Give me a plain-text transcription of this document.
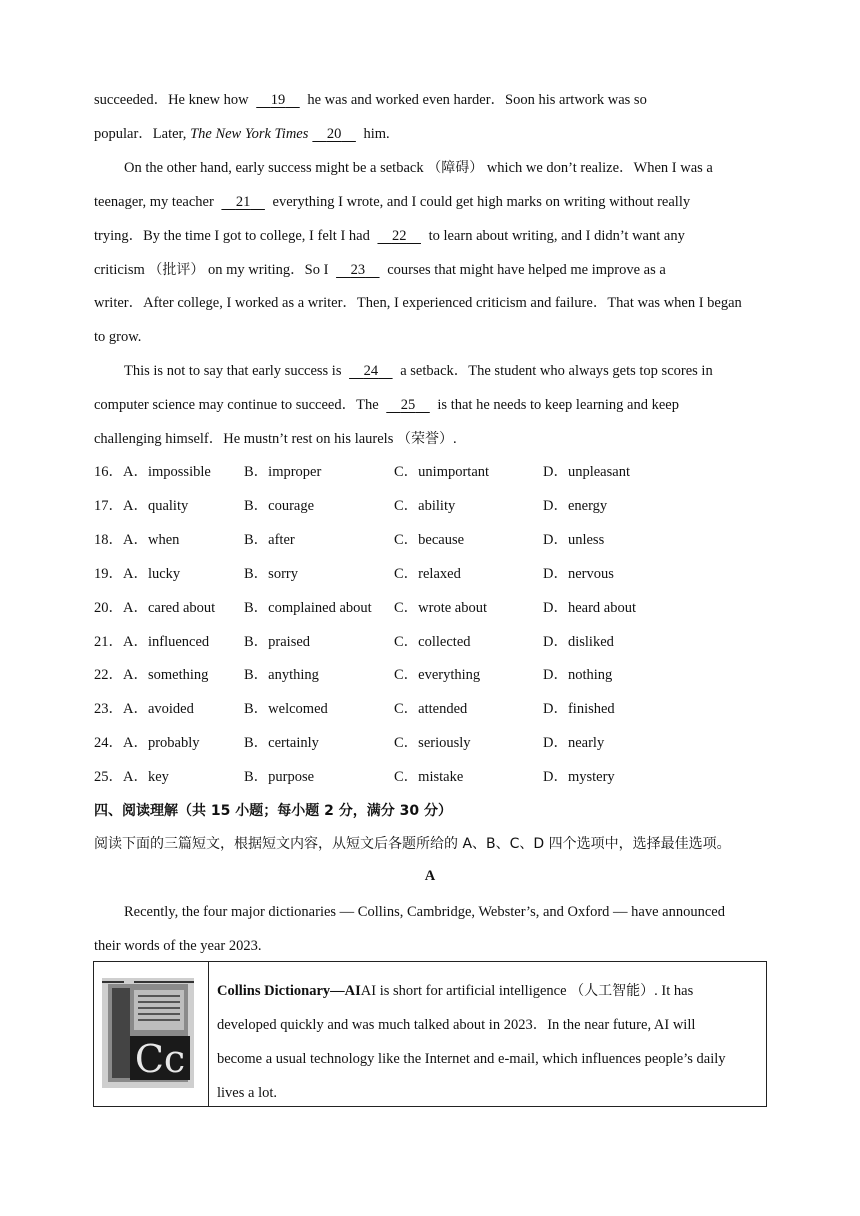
succeeded．He knew how 19 he was and worked even harder．Soon his artwork was so
popular．Later, The New York Times 20 him.
On the other hand, early success might be a setback （障碍） which we don’t realize．When I was a
teenager, my teacher 21 everything I wrote, and I could get high marks on writing without really
trying．By the time I got to college, I felt I had 22 to learn about writing, and I didn’t want any
criticism （批评） on my writing．So I 23 courses that might have helped me improve as a
writer．After college, I worked as a writer．Then, I experienced criticism and failure．That was when I began
to grow.
This is not to say that early success is 24 a setback．The student who always gets top scores in
computer science may continue to succeed．The 25 is that he needs to keep learning and keep
challenging himself．He mustn’t rest on his laurels （荣誉）.
16．A．impossible B．improper	C．unimportant	D．unpleasant
17．A．quality	B．courage	C．ability	D．energy
18．A．when	B．after	C．because	D．unless
19．A．lucky	B．sorry	C．relaxed	D．nervous
20．A．cared about B．complained about C．wrote about	D．heard about
21．A．influenced B．praised	C．collected	D．disliked
22．A．something B．anything	C．everything	D．nothing
23．A．avoided	B．welcomed	C．attended	D．finished
24．A．probably	B．certainly	C．seriously	D．nearly
25．A．key	B．purpose	C．mistake	D．mystery
四、阅读理解（共 15 小题；每小题 2 分，满分 30 分）
阅读下面的三篇短文，根据短文内容，从短文后各题所给的 A、B、C、D 四个选项中，选择最佳选项。
A
Recently, the four major dictionaries — Collins, Cambridge, Webster’s, and Oxford — have announced
their words of the year 2023.
Cc
Collins Dictionary—AIAI is short for artificial intelligence （人工智能）. It has
developed quickly and was much talked about in 2023．In the near future, AI will
become a usual technology like the Internet and e-mail, which influences people’s daily
lives a lot.
